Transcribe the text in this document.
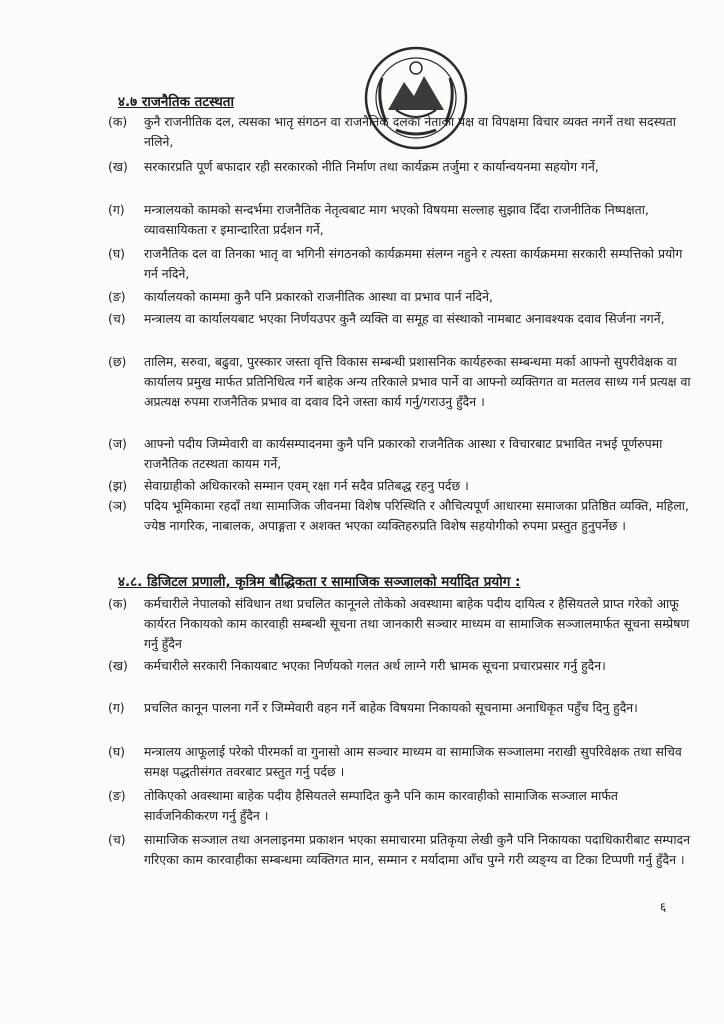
४.७ राजनैतिक तटस्थता
(क)	कुनै राजनीतिक दल, त्यसका भातृ संगठन वा राजनैतिक दलका नेताका पक्ष वा विपक्षमा विचार व्यक्त नगर्ने तथा सदस्यता नलिने,
(ख)	सरकारप्रति पूर्ण बफादार रही सरकारको नीति निर्माण तथा कार्यक्रम तर्जुमा र कार्यान्वयनमा सहयोग गर्ने,
(ग)	मन्त्रालयको कामको सन्दर्भमा राजनैतिक नेतृत्वबाट माग भएको विषयमा सल्लाह सुझाव दिँदा राजनीतिक निष्पक्षता, व्यावसायिकता र इमान्दारिता प्रर्दशन गर्ने,
(घ)	राजनैतिक दल वा तिनका भातृ वा भगिनी संगठनको कार्यक्रममा संलग्न नहुने र त्यस्ता कार्यक्रममा सरकारी सम्पत्तिको प्रयोग गर्न नदिने,
(ङ)	कार्यालयको काममा कुनै पनि प्रकारको राजनीतिक आस्था वा प्रभाव पार्न नदिने,
(च)	मन्त्रालय वा कार्यालयबाट भएका निर्णयउपर कुनै व्यक्ति वा समूह वा संस्थाको नामबाट अनावश्यक दवाव सिर्जना नगर्ने,
(छ)	तालिम, सरुवा, बढुवा, पुरस्कार जस्ता वृत्ति विकास सम्बन्धी प्रशासनिक कार्यहरुका सम्बन्धमा मर्का आफ्नो सुपरीवेक्षक वा कार्यालय प्रमुख मार्फत प्रतिनिधित्व गर्ने बाहेक अन्य तरिकाले प्रभाव पार्ने वा आफ्नो व्यक्तिगत वा मतलव साध्य गर्न प्रत्यक्ष वा अप्रत्यक्ष रुपमा राजनैतिक प्रभाव वा दवाव दिने जस्ता कार्य गर्नु/गराउनु हुँदैन ।
(ज)	आफ्नो पदीय जिम्मेवारी वा कार्यसम्पादनमा कुनै पनि प्रकारको राजनैतिक आस्था र विचारबाट प्रभावित नभई पूर्णरुपमा राजनैतिक तटस्थता कायम गर्ने,
(झ)	सेवाग्राहीको अधिकारको सम्मान एवम् रक्षा गर्न सदैव प्रतिबद्ध रहनु पर्दछ ।
(ञ)	पदिय भूमिकामा रहदाँ तथा सामाजिक जीवनमा विशेष परिस्थिति र औचित्यपूर्ण आधारमा समाजका प्रतिष्ठित व्यक्ति, महिला, ज्येष्ठ नागरिक, नाबालक, अपाङ्गता र अशक्त भएका व्यक्तिहरुप्रति विशेष सहयोगीको रुपमा प्रस्तुत हुनुपर्नेछ ।
४.८. डिजिटल प्रणाली, कृत्रिम बौद्धिकता र सामाजिक सञ्जालको मर्यादित प्रयोग :
(क)	कर्मचारीले नेपालको संविधान तथा प्रचलित कानूनले तोकेको अवस्थामा बाहेक पदीय दायित्व र हैसियतले प्राप्त गरेको आफू कार्यरत निकायको काम कारवाही सम्बन्धी सूचना तथा जानकारी सञ्चार माध्यम वा सामाजिक सञ्जालमार्फत सूचना सम्प्रेषण गर्नु हुँदैन
(ख)	कर्मचारीले सरकारी निकायबाट भएका निर्णयको गलत अर्थ लाग्ने गरी भ्रामक सूचना प्रचारप्रसार गर्नु हुदैन।
(ग)	प्रचलित कानून पालना गर्ने र जिम्मेवारी वहन गर्ने बाहेक विषयमा निकायको सूचनामा अनाधिकृत पहुँच दिनु हुदैन।
(घ)	मन्त्रालय आफूलाई परेको पीरमर्का वा गुनासो आम सञ्चार माध्यम वा सामाजिक सञ्जालमा नराखी सुपरिवेक्षक तथा सचिव समक्ष पद्धतीसंगत तवरबाट प्रस्तुत गर्नु पर्दछ ।
(ङ)	तोकिएको अवस्थामा बाहेक पदीय हैसियतले सम्पादित कुनै पनि काम कारवाहीको सामाजिक सञ्जाल मार्फत सार्वजनिकीकरण गर्नु हुँदैन ।
(च)	सामाजिक सञ्जाल तथा अनलाइनमा प्रकाशन भएका समाचारमा प्रतिकृया लेखी कुनै पनि निकायका पदाधिकारीबाट सम्पादन गरिएका काम कारवाहीका सम्बन्धमा व्यक्तिगत मान, सम्मान र मर्यादामा आँच पुग्ने गरी व्यङ्ग्य वा टिका टिप्पणी गर्नु हुँदैन ।
६
